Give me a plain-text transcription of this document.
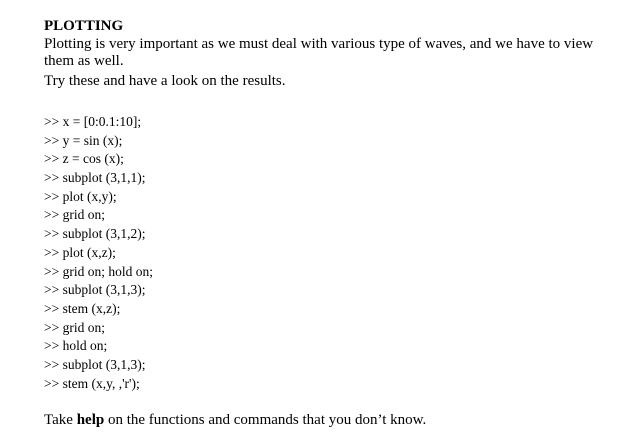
PLOTTING

Plotting is very important as we must deal with various type of waves, and we have to view them as well.

Try these and have a look on the results.

>> x = [0:0.1:10];
>> y = sin (x);
>> z = cos (x);
>> subplot (3,1,1);
>> plot (x,y);
>> grid on;
>> subplot (3,1,2);
>> plot (x,z);
>> grid on; hold on;
>> subplot (3,1,3);
>> stem (x,z);
>> grid on;
>> hold on;
>> subplot (3,1,3);
>> stem (x,y, ,'r');

Take help on the functions and commands that you don’t know.
